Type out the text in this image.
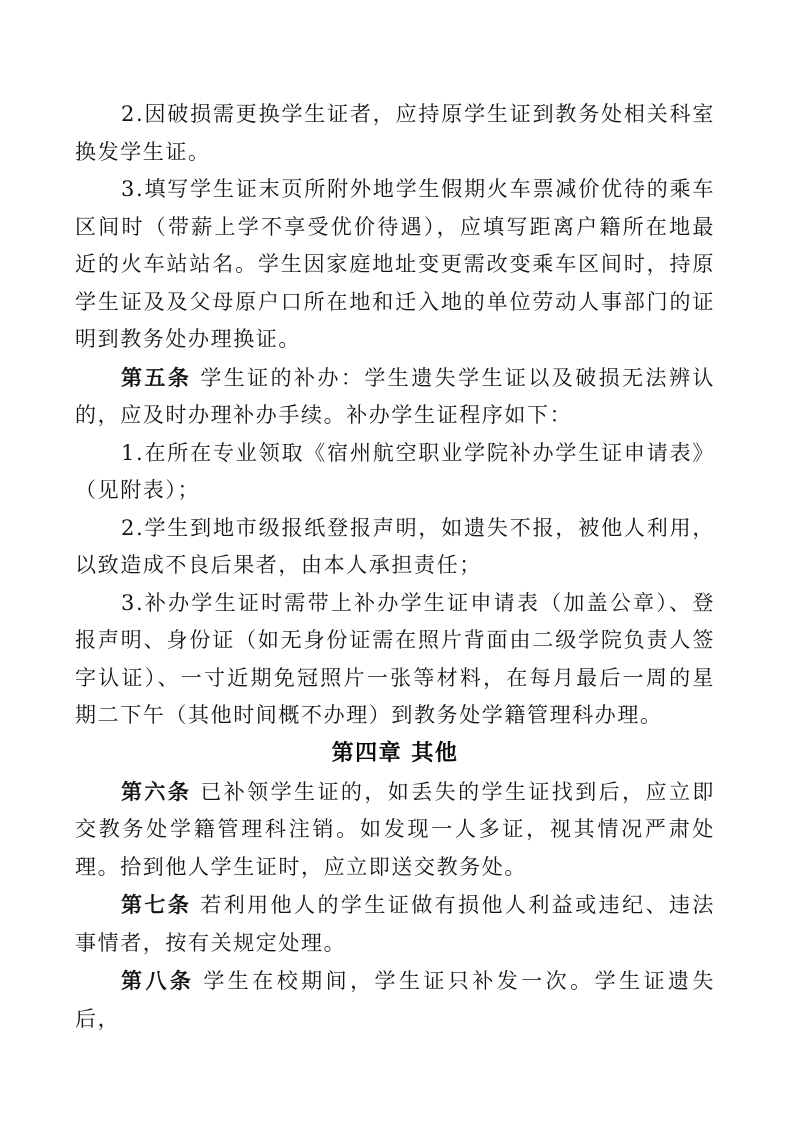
2.因破损需更换学生证者，应持原学生证到教务处相关科室换发学生证。

3.填写学生证末页所附外地学生假期火车票减价优待的乘车区间时（带薪上学不享受优价待遇），应填写距离户籍所在地最近的火车站站名。学生因家庭地址变更需改变乘车区间时，持原学生证及及父母原户口所在地和迁入地的单位劳动人事部门的证明到教务处办理换证。

第五条 学生证的补办：学生遗失学生证以及破损无法辨认的，应及时办理补办手续。补办学生证程序如下：

1.在所在专业领取《宿州航空职业学院补办学生证申请表》（见附表）；

2.学生到地市级报纸登报声明，如遗失不报，被他人利用，以致造成不良后果者，由本人承担责任；

3.补办学生证时需带上补办学生证申请表（加盖公章）、登报声明、身份证（如无身份证需在照片背面由二级学院负责人签字认证）、一寸近期免冠照片一张等材料，在每月最后一周的星期二下午（其他时间概不办理）到教务处学籍管理科办理。

第四章 其他

第六条 已补领学生证的，如丢失的学生证找到后，应立即交教务处学籍管理科注销。如发现一人多证，视其情况严肃处理。拾到他人学生证时，应立即送交教务处。

第七条 若利用他人的学生证做有损他人利益或违纪、违法事情者，按有关规定处理。

第八条 学生在校期间，学生证只补发一次。学生证遗失后，
